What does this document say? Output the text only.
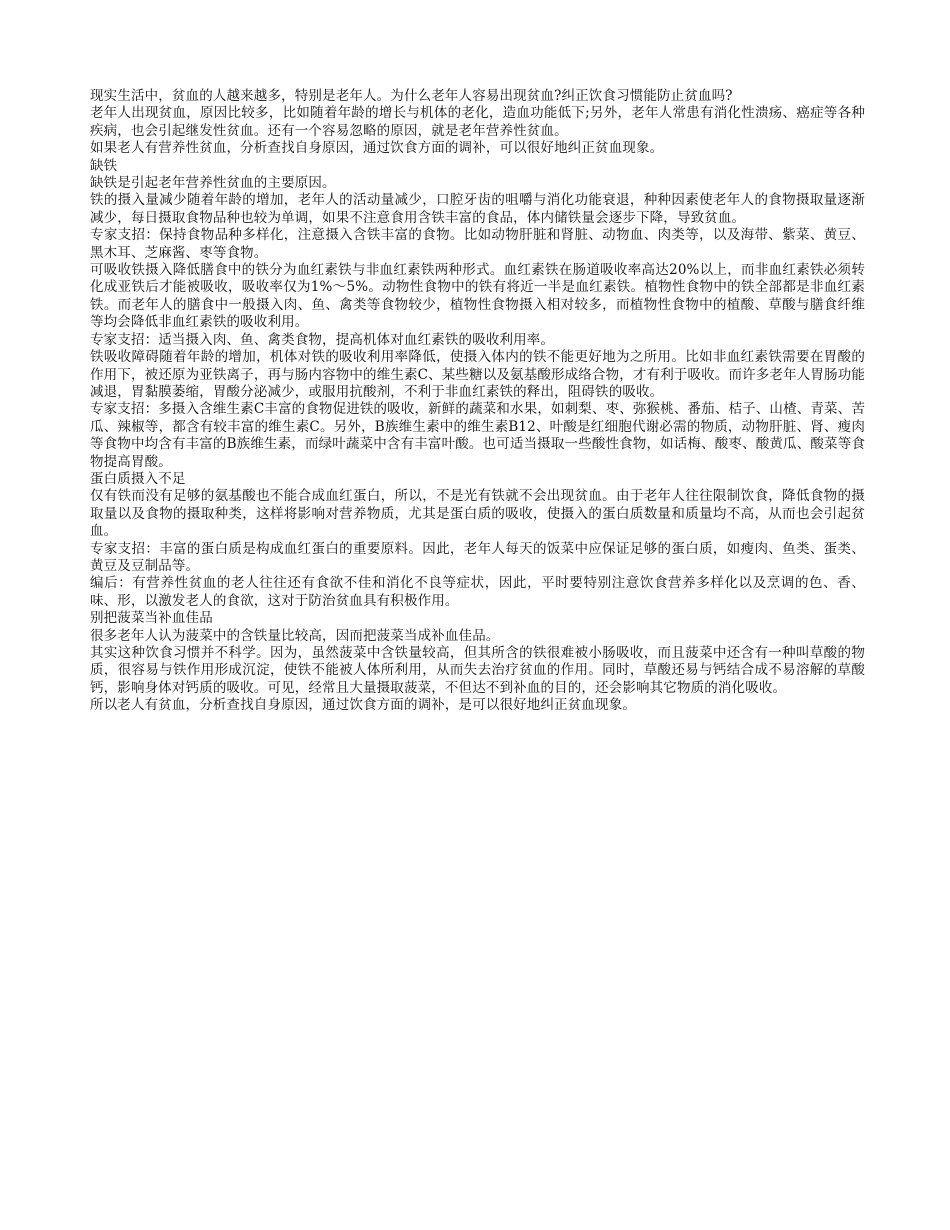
现实生活中，贫血的人越来越多，特别是老年人。为什么老年人容易出现贫血?纠正饮食习惯能防止贫血吗?

老年人出现贫血，原因比较多，比如随着年龄的增长与机体的老化，造血功能低下;另外，老年人常患有消化性溃疡、癌症等各种疾病，也会引起继发性贫血。还有一个容易忽略的原因，就是老年营养性贫血。

如果老人有营养性贫血，分析查找自身原因，通过饮食方面的调补，可以很好地纠正贫血现象。

缺铁

缺铁是引起老年营养性贫血的主要原因。

铁的摄入量减少随着年龄的增加，老年人的活动量减少，口腔牙齿的咀嚼与消化功能衰退，种种因素使老年人的食物摄取量逐渐减少，每日摄取食物品种也较为单调，如果不注意食用含铁丰富的食品，体内储铁量会逐步下降，导致贫血。

专家支招：保持食物品种多样化，注意摄入含铁丰富的食物。比如动物肝脏和肾脏、动物血、肉类等，以及海带、紫菜、黄豆、黑木耳、芝麻酱、枣等食物。

可吸收铁摄入降低膳食中的铁分为血红素铁与非血红素铁两种形式。血红素铁在肠道吸收率高达20%以上，而非血红素铁必须转化成亚铁后才能被吸收，吸收率仅为1%～5%。动物性食物中的铁有将近一半是血红素铁。植物性食物中的铁全部都是非血红素铁。而老年人的膳食中一般摄入肉、鱼、禽类等食物较少，植物性食物摄入相对较多，而植物性食物中的植酸、草酸与膳食纤维等均会降低非血红素铁的吸收利用。

专家支招：适当摄入肉、鱼、禽类食物，提高机体对血红素铁的吸收利用率。

铁吸收障碍随着年龄的增加，机体对铁的吸收利用率降低，使摄入体内的铁不能更好地为之所用。比如非血红素铁需要在胃酸的作用下，被还原为亚铁离子，再与肠内容物中的维生素C、某些糖以及氨基酸形成络合物，才有利于吸收。而许多老年人胃肠功能减退，胃黏膜萎缩，胃酸分泌减少，或服用抗酸剂，不利于非血红素铁的释出，阻碍铁的吸收。

专家支招：多摄入含维生素C丰富的食物促进铁的吸收，新鲜的蔬菜和水果，如刺梨、枣、弥猴桃、番茄、桔子、山楂、青菜、苦瓜、辣椒等，都含有较丰富的维生素C。另外，B族维生素中的维生素B12、叶酸是红细胞代谢必需的物质，动物肝脏、肾、瘦肉等食物中均含有丰富的B族维生素，而绿叶蔬菜中含有丰富叶酸。也可适当摄取一些酸性食物，如话梅、酸枣、酸黄瓜、酸菜等食物提高胃酸。

蛋白质摄入不足

仅有铁而没有足够的氨基酸也不能合成血红蛋白，所以，不是光有铁就不会出现贫血。由于老年人往往限制饮食，降低食物的摄取量以及食物的摄取种类，这样将影响对营养物质，尤其是蛋白质的吸收，使摄入的蛋白质数量和质量均不高，从而也会引起贫血。

专家支招：丰富的蛋白质是构成血红蛋白的重要原料。因此，老年人每天的饭菜中应保证足够的蛋白质，如瘦肉、鱼类、蛋类、黄豆及豆制品等。

编后：有营养性贫血的老人往往还有食欲不佳和消化不良等症状，因此，平时要特别注意饮食营养多样化以及烹调的色、香、味、形，以激发老人的食欲，这对于防治贫血具有积极作用。

别把菠菜当补血佳品

很多老年人认为菠菜中的含铁量比较高，因而把菠菜当成补血佳品。

其实这种饮食习惯并不科学。因为，虽然菠菜中含铁量较高，但其所含的铁很难被小肠吸收，而且菠菜中还含有一种叫草酸的物质，很容易与铁作用形成沉淀，使铁不能被人体所利用，从而失去治疗贫血的作用。同时，草酸还易与钙结合成不易溶解的草酸钙，影响身体对钙质的吸收。可见，经常且大量摄取菠菜，不但达不到补血的目的，还会影响其它物质的消化吸收。

所以老人有贫血，分析查找自身原因，通过饮食方面的调补，是可以很好地纠正贫血现象。
